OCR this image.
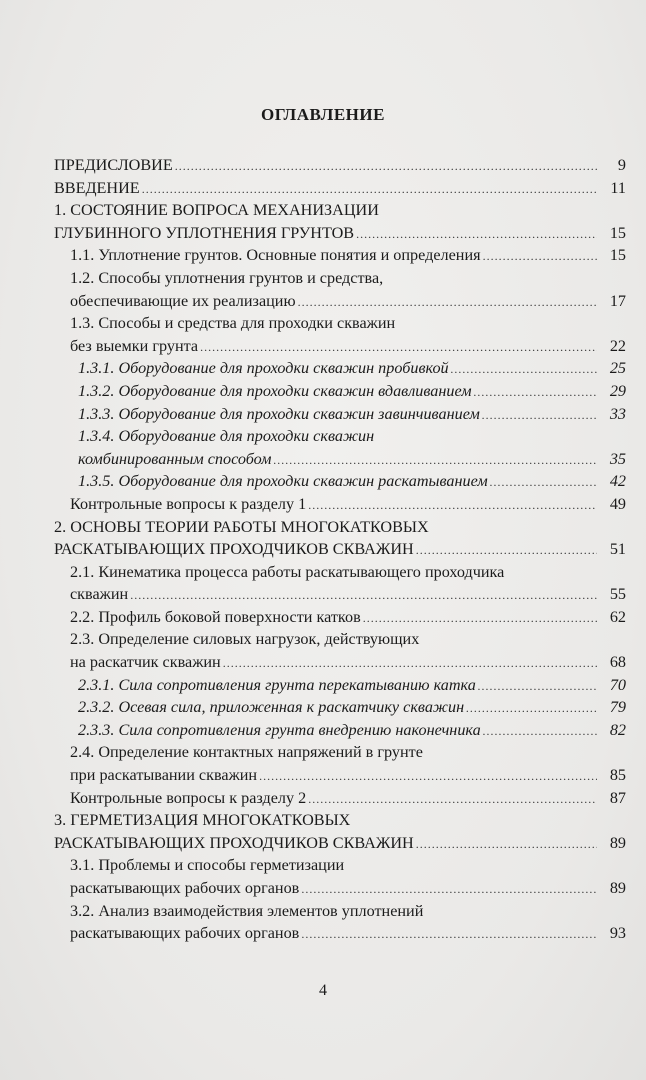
ОГЛАВЛЕНИЕ
ПРЕДИСЛОВИЕ .....	9
ВВЕДЕНИЕ .....	11
1. СОСТОЯНИЕ ВОПРОСА МЕХАНИЗАЦИИ
ГЛУБИННОГО УПЛОТНЕНИЯ ГРУНТОВ .....	15
1.1. Уплотнение грунтов. Основные понятия и определения .....	15
1.2. Способы уплотнения грунтов и средства,
обеспечивающие их реализацию .....	17
1.3. Способы и средства для проходки скважин
без выемки грунта .....	22
1.3.1. Оборудование для проходки скважин пробивкой .....	25
1.3.2. Оборудование для проходки скважин вдавливанием .....	29
1.3.3. Оборудование для проходки скважин завинчиванием .....	33
1.3.4. Оборудование для проходки скважин
комбинированным способом .....	35
1.3.5. Оборудование для проходки скважин раскатыванием .....	42
Контрольные вопросы к разделу 1 .....	49
2. ОСНОВЫ ТЕОРИИ РАБОТЫ МНОГОКАТКОВЫХ
РАСКАТЫВАЮЩИХ ПРОХОДЧИКОВ СКВАЖИН .....	51
2.1. Кинематика процесса работы раскатывающего проходчика
скважин .....	55
2.2. Профиль боковой поверхности катков .....	62
2.3. Определение силовых нагрузок, действующих
на раскатчик скважин .....	68
2.3.1. Сила сопротивления грунта перекатыванию катка .....	70
2.3.2. Осевая сила, приложенная к раскатчику скважин .....	79
2.3.3. Сила сопротивления грунта внедрению наконечника .....	82
2.4. Определение контактных напряжений в грунте
при раскатывании скважин .....	85
Контрольные вопросы к разделу 2 .....	87
3. ГЕРМЕТИЗАЦИЯ МНОГОКАТКОВЫХ
РАСКАТЫВАЮЩИХ ПРОХОДЧИКОВ СКВАЖИН .....	89
3.1. Проблемы и способы герметизации
раскатывающих рабочих органов .....	89
3.2. Анализ взаимодействия элементов уплотнений
раскатывающих рабочих органов .....	93
4
